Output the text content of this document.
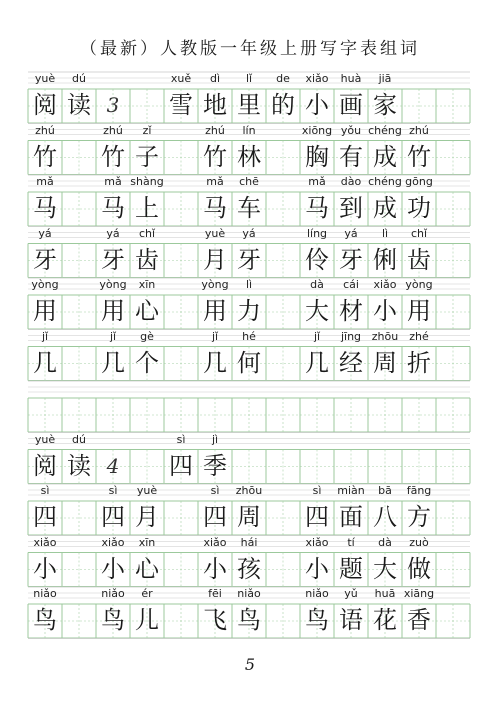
（最新）人教版一年级上册写字表组词
yuè
阅
dú
读 3
xuě
雪
dì
地
lǐ
里
de
的
xiǎo
小
huà
画
jiā
家
zhú
竹
zhú
竹
zǐ
子
zhú
竹
lín
林
xiōng
胸
yǒu
有
chéng
成
zhú
竹
mǎ
马
mǎ
马
shàng
上
mǎ
马
chē
车
mǎ
马
dào
到
chéng
成
gōng
功
yá
牙
yá
牙
chǐ
齿
yuè
月
yá
牙
líng
伶
yá
牙
lì
俐
chǐ
齿
yòng
用
yòng
用
xīn
心
yòng
用
lì
力
dà
大
cái
材
xiǎo
小
yòng
用
jǐ
几
jǐ
几
gè
个
jǐ
几
hé
何
jǐ
几
jīng
经
zhōu
周
zhé
折
yuè
阅
dú
读 4
sì
四
jì
季
sì
四
sì
四
yuè
月
sì
四
zhōu
周
sì
四
miàn
面
bā
八
fāng
方
xiǎo
小
xiǎo
小
xīn
心
xiǎo
小
hái
孩
xiǎo
小
tí
题
dà
大
zuò
做
niǎo
鸟
niǎo
鸟
ér
儿
fēi
飞
niǎo
鸟
niǎo
鸟
yǔ
语
huā
花
xiāng
香
5
